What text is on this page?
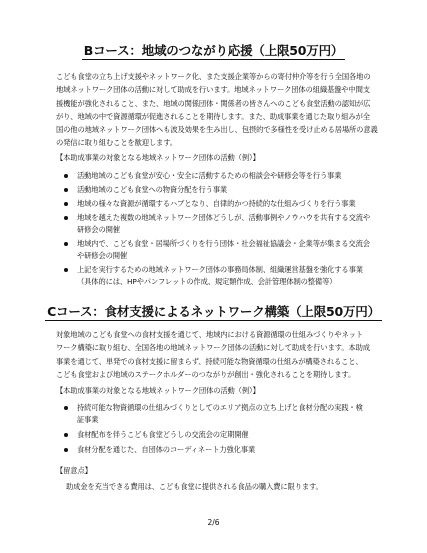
Bコース：地域のつながり応援（上限50万円）
こども食堂の立ち上げ支援やネットワーク化、また支援企業等からの寄付仲介等を行う全国各地の
地域ネットワーク団体の活動に対して助成を行います。地域ネットワーク団体の組織基盤や中間支
援機能が強化されること、また、地域の関係団体・関係者の皆さんへのこども食堂活動の認知が広
がり、地域の中で資源循環が促進されることを期待します。また、助成事業を通じた取り組みが全
国の他の地域ネットワーク団体へも波及効果を生み出し、包摂的で多様性を受け止める居場所の意義
の発信に取り組むことを歓迎します。
【本助成事業の対象となる地域ネットワーク団体の活動（例）】
活動地域のこども食堂が安心・安全に活動するための相談会や研修会等を行う事業
活動地域のこども食堂への物資分配を行う事業
地域の様々な資源が循環するハブとなり、自律的かつ持続的な仕組みづくりを行う事業
地域を越えた複数の地域ネットワーク団体どうしが、活動事例やノウハウを共有する交流や
研修会の開催
地域内で、こども食堂・居場所づくりを行う団体・社会福祉協議会・企業等が集まる交流会
や研修会の開催
上記を実行するための地域ネットワーク団体の事務局体制、組織運営基盤を強化する事業
（具体的には、HPやパンフレットの作成、規定類作成、会計管理体制の整備等）
Cコース：食材支援によるネットワーク構築（上限50万円）
対象地域のこども食堂への食材支援を通じて、地域内における資源循環の仕組みづくりやネット
ワーク構築に取り組む、全国各地の地域ネットワーク団体の活動に対して助成を行います。本助成
事業を通じて、単発での食材支援に留まらず、持続可能な物資循環の仕組みが構築されること、
こども食堂および地域のステークホルダーのつながりが創出・強化されることを期待します。
【本助成事業の対象となる地域ネットワーク団体の活動（例）】
持続可能な物資循環の仕組みづくりとしてのエリア拠点の立ち上げと食材分配の実践・検
証事業
食材配布を伴うこども食堂どうしの交流会の定期開催
食材分配を通じた、自団体のコーディネート力強化事業
【留意点】
助成金を充当できる費用は、こども食堂に提供される食品の購入費に限ります。
2/6
